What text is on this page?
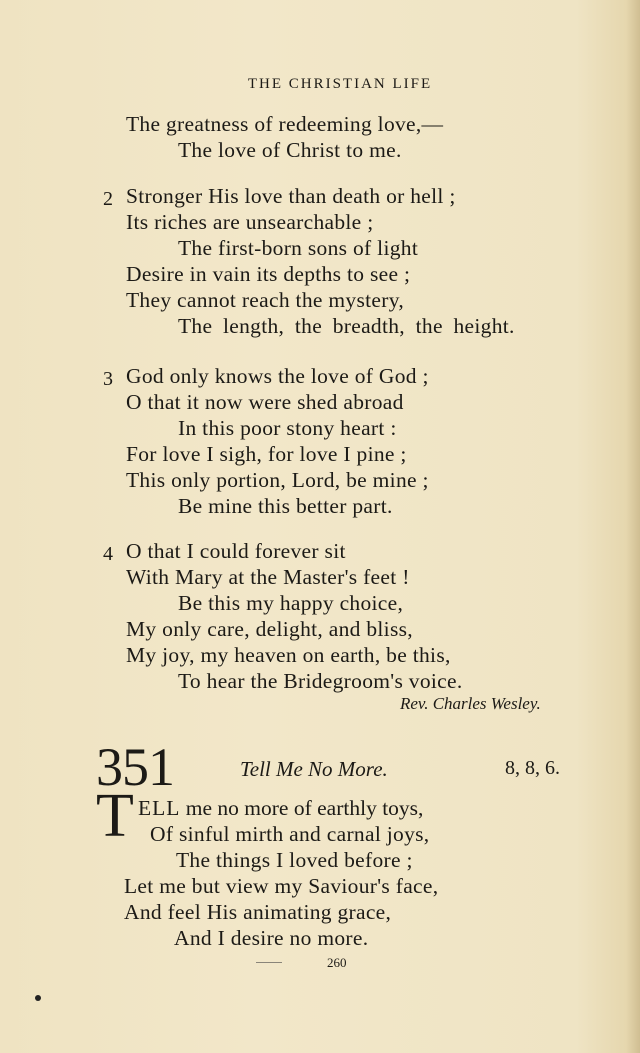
THE CHRISTIAN LIFE
The greatness of redeeming love,—
The love of Christ to me.
2 Stronger His love than death or hell ;
Its riches are unsearchable ;
The first-born sons of light
Desire in vain its depths to see ;
They cannot reach the mystery,
The length, the breadth, the height.
3 God only knows the love of God ;
O that it now were shed abroad
In this poor stony heart :
For love I sigh, for love I pine ;
This only portion, Lord, be mine ;
Be mine this better part.
4 O that I could forever sit
With Mary at the Master's feet !
Be this my happy choice,
My only care, delight, and bliss,
My joy, my heaven on earth, be this,
To hear the Bridegroom's voice.
Rev. Charles Wesley.
351	Tell Me No More.	8, 8, 6.
T ELL me no more of earthly toys,
Of sinful mirth and carnal joys,
The things I loved before ;
Let me but view my Saviour's face,
And feel His animating grace,
And I desire no more.
260
